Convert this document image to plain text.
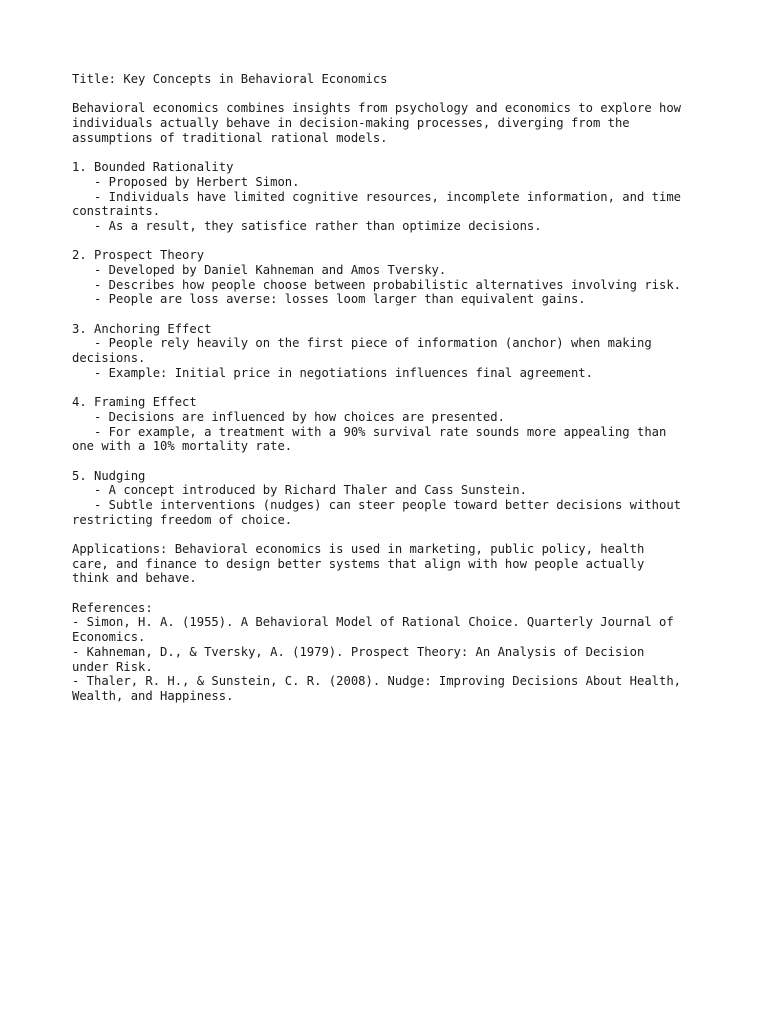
Title: Key Concepts in Behavioral Economics
Behavioral economics combines insights from psychology and economics to explore how
individuals actually behave in decision-making processes, diverging from the
assumptions of traditional rational models.
1. Bounded Rationality
- Proposed by Herbert Simon.
- Individuals have limited cognitive resources, incomplete information, and time
constraints.
- As a result, they satisfice rather than optimize decisions.
2. Prospect Theory
- Developed by Daniel Kahneman and Amos Tversky.
- Describes how people choose between probabilistic alternatives involving risk.
- People are loss averse: losses loom larger than equivalent gains.
3. Anchoring Effect
- People rely heavily on the first piece of information (anchor) when making
decisions.
- Example: Initial price in negotiations influences final agreement.
4. Framing Effect
- Decisions are influenced by how choices are presented.
- For example, a treatment with a 90% survival rate sounds more appealing than
one with a 10% mortality rate.
5. Nudging
- A concept introduced by Richard Thaler and Cass Sunstein.
- Subtle interventions (nudges) can steer people toward better decisions without
restricting freedom of choice.
Applications: Behavioral economics is used in marketing, public policy, health
care, and finance to design better systems that align with how people actually
think and behave.
References:
- Simon, H. A. (1955). A Behavioral Model of Rational Choice. Quarterly Journal of
Economics.
- Kahneman, D., & Tversky, A. (1979). Prospect Theory: An Analysis of Decision
under Risk.
- Thaler, R. H., & Sunstein, C. R. (2008). Nudge: Improving Decisions About Health,
Wealth, and Happiness.
